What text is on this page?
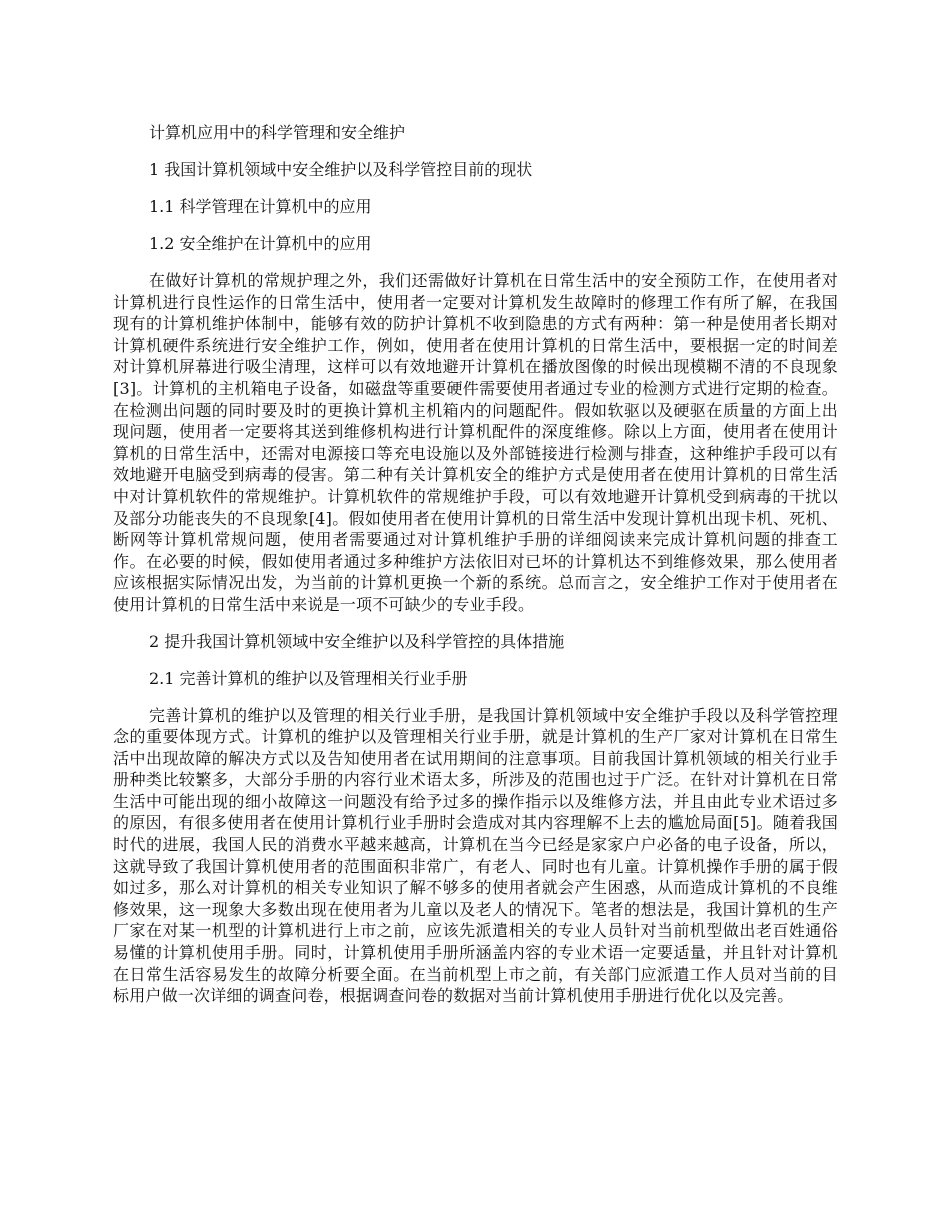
计算机应用中的科学管理和安全维护
1 我国计算机领域中安全维护以及科学管控目前的现状
1.1 科学管理在计算机中的应用
1.2 安全维护在计算机中的应用

在做好计算机的常规护理之外，我们还需做好计算机在日常生活中的安全预防工作，在使用者对计算机进行良性运作的日常生活中，使用者一定要对计算机发生故障时的修理工作有所了解，在我国现有的计算机维护体制中，能够有效的防护计算机不收到隐患的方式有两种：第一种是使用者长期对计算机硬件系统进行安全维护工作，例如，使用者在使用计算机的日常生活中，要根据一定的时间差对计算机屏幕进行吸尘清理，这样可以有效地避开计算机在播放图像的时候出现模糊不清的不良现象[3]。计算机的主机箱电子设备，如磁盘等重要硬件需要使用者通过专业的检测方式进行定期的检查。在检测出问题的同时要及时的更换计算机主机箱内的问题配件。假如软驱以及硬驱在质量的方面上出现问题，使用者一定要将其送到维修机构进行计算机配件的深度维修。除以上方面，使用者在使用计算机的日常生活中，还需对电源接口等充电设施以及外部链接进行检测与排查，这种维护手段可以有效地避开电脑受到病毒的侵害。第二种有关计算机安全的维护方式是使用者在使用计算机的日常生活中对计算机软件的常规维护。计算机软件的常规维护手段，可以有效地避开计算机受到病毒的干扰以及部分功能丧失的不良现象[4]。假如使用者在使用计算机的日常生活中发现计算机出现卡机、死机、断网等计算机常规问题，使用者需要通过对计算机维护手册的详细阅读来完成计算机问题的排查工作。在必要的时候，假如使用者通过多种维护方法依旧对已坏的计算机达不到维修效果，那么使用者应该根据实际情况出发，为当前的计算机更换一个新的系统。总而言之，安全维护工作对于使用者在使用计算机的日常生活中来说是一项不可缺少的专业手段。

2 提升我国计算机领域中安全维护以及科学管控的具体措施
2.1 完善计算机的维护以及管理相关行业手册

完善计算机的维护以及管理的相关行业手册，是我国计算机领域中安全维护手段以及科学管控理念的重要体现方式。计算机的维护以及管理相关行业手册，就是计算机的生产厂家对计算机在日常生活中出现故障的解决方式以及告知使用者在试用期间的注意事项。目前我国计算机领域的相关行业手册种类比较繁多，大部分手册的内容行业术语太多，所涉及的范围也过于广泛。在针对计算机在日常生活中可能出现的细小故障这一问题没有给予过多的操作指示以及维修方法，并且由此专业术语过多的原因，有很多使用者在使用计算机行业手册时会造成对其内容理解不上去的尴尬局面[5]。随着我国时代的进展，我国人民的消费水平越来越高，计算机在当今已经是家家户户必备的电子设备，所以，这就导致了我国计算机使用者的范围面积非常广，有老人、同时也有儿童。计算机操作手册的属于假如过多，那么对计算机的相关专业知识了解不够多的使用者就会产生困惑，从而造成计算机的不良维修效果，这一现象大多数出现在使用者为儿童以及老人的情况下。笔者的想法是，我国计算机的生产厂家在对某一机型的计算机进行上市之前，应该先派遣相关的专业人员针对当前机型做出老百姓通俗易懂的计算机使用手册。同时，计算机使用手册所涵盖内容的专业术语一定要适量，并且针对计算机在日常生活容易发生的故障分析要全面。在当前机型上市之前，有关部门应派遣工作人员对当前的目标用户做一次详细的调查问卷，根据调查问卷的数据对当前计算机使用手册进行优化以及完善。
